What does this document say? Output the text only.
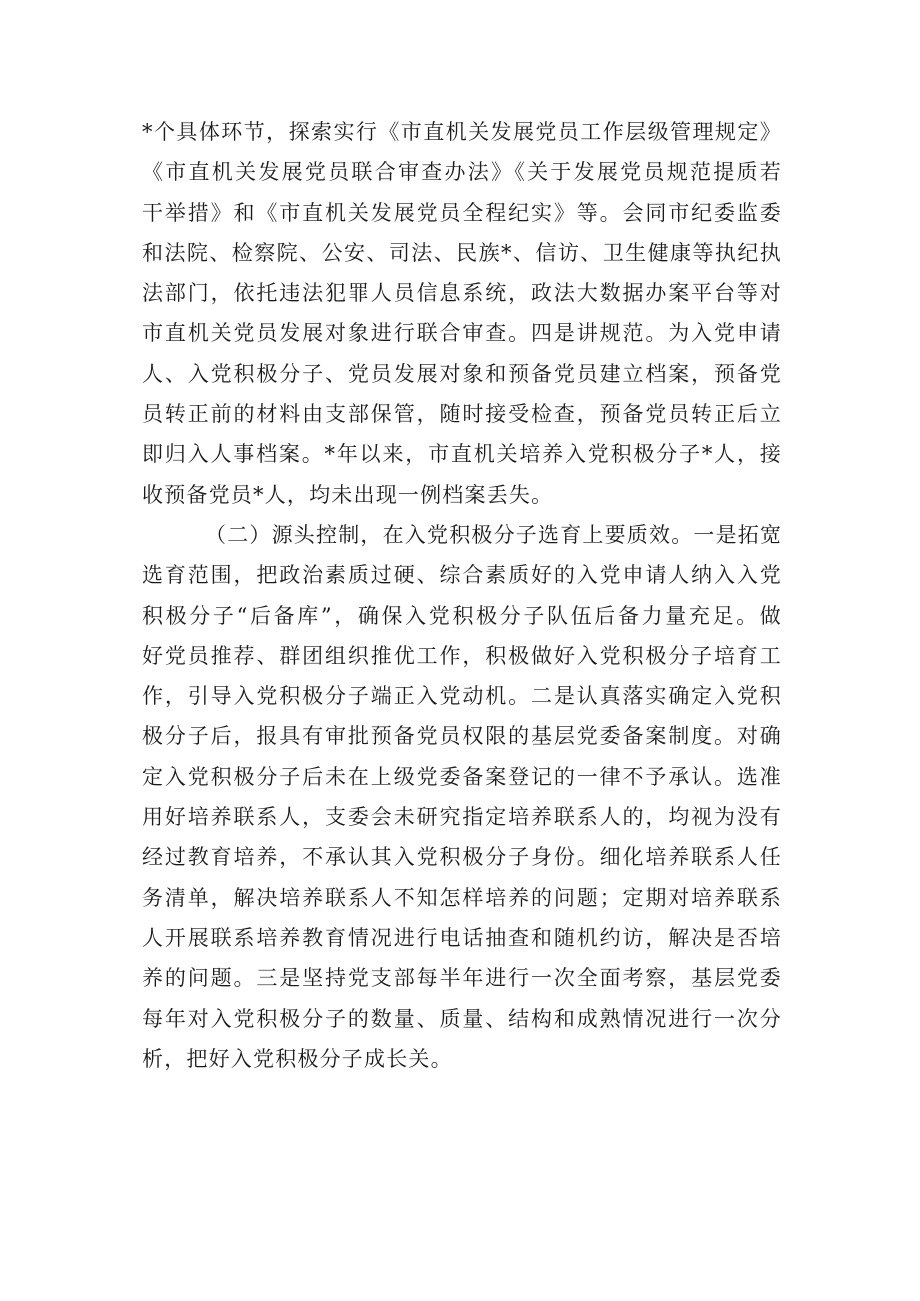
*个具体环节，探索实行《市直机关发展党员工作层级管理规定》
《市直机关发展党员联合审查办法》《关于发展党员规范提质若
干举措》和《市直机关发展党员全程纪实》等。会同市纪委监委
和法院、检察院、公安、司法、民族*、信访、卫生健康等执纪执
法部门，依托违法犯罪人员信息系统，政法大数据办案平台等对
市直机关党员发展对象进行联合审查。四是讲规范。为入党申请
人、入党积极分子、党员发展对象和预备党员建立档案，预备党
员转正前的材料由支部保管，随时接受检查，预备党员转正后立
即归入人事档案。*年以来，市直机关培养入党积极分子*人，接
收预备党员*人，均未出现一例档案丢失。
（二）源头控制，在入党积极分子选育上要质效。一是拓宽
选育范围，把政治素质过硬、综合素质好的入党申请人纳入入党
积极分子“后备库”，确保入党积极分子队伍后备力量充足。做
好党员推荐、群团组织推优工作，积极做好入党积极分子培育工
作，引导入党积极分子端正入党动机。二是认真落实确定入党积
极分子后，报具有审批预备党员权限的基层党委备案制度。对确
定入党积极分子后未在上级党委备案登记的一律不予承认。选准
用好培养联系人，支委会未研究指定培养联系人的，均视为没有
经过教育培养，不承认其入党积极分子身份。细化培养联系人任
务清单，解决培养联系人不知怎样培养的问题；定期对培养联系
人开展联系培养教育情况进行电话抽查和随机约访，解决是否培
养的问题。三是坚持党支部每半年进行一次全面考察，基层党委
每年对入党积极分子的数量、质量、结构和成熟情况进行一次分
析，把好入党积极分子成长关。
